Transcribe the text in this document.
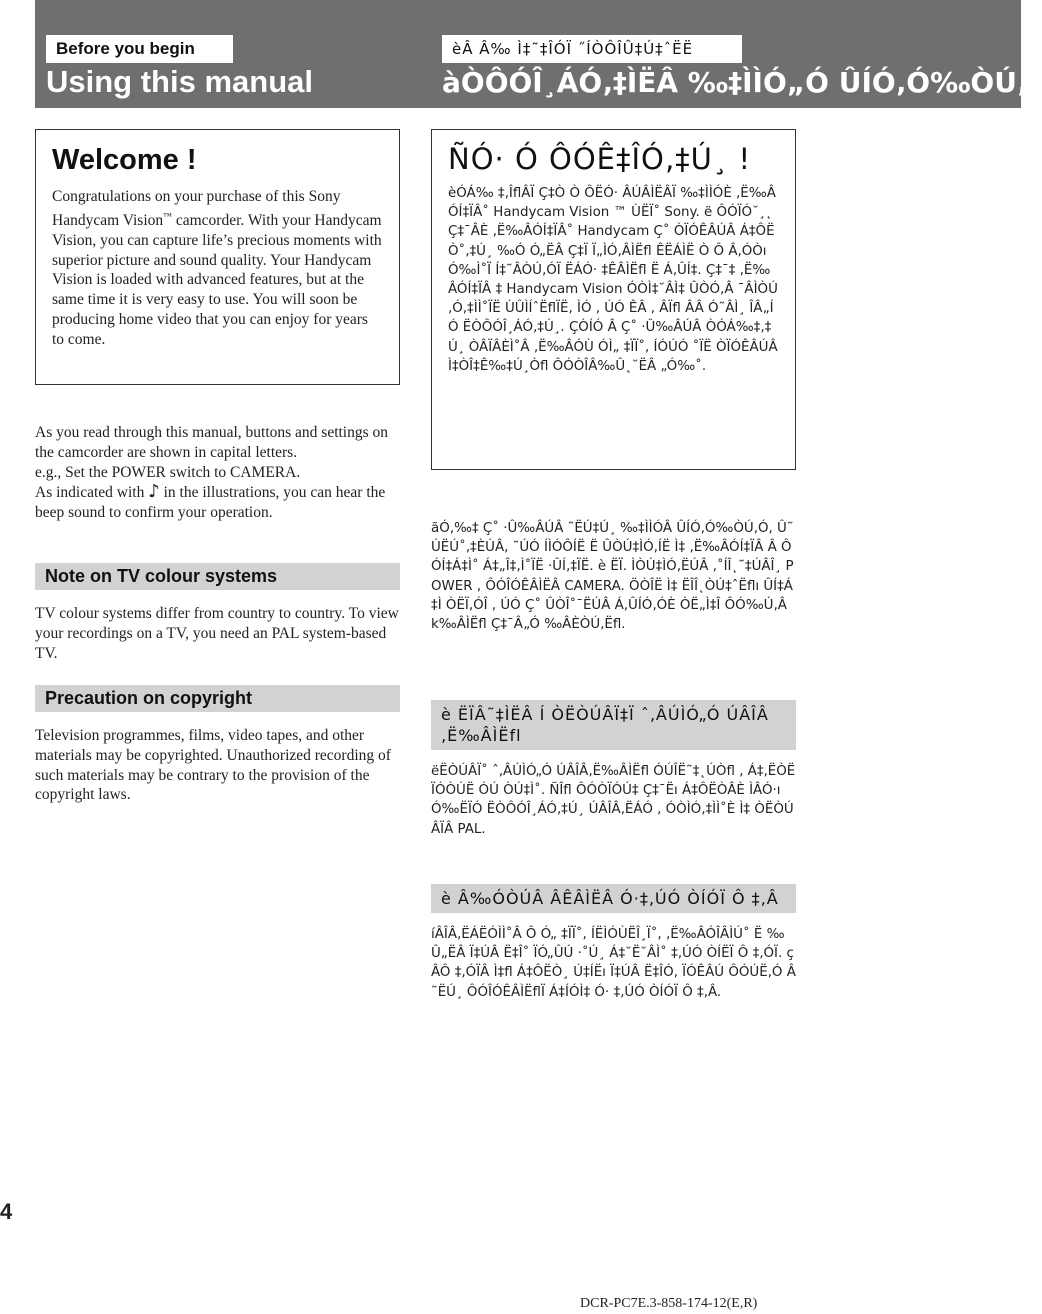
Before you begin	èÂ Â‰ Ì‡˜‡ÎÓÏ ˝ÍÒÔÎÛ‡Ú‡ˆËË
Using this manual	àÒÔÓÎ¸ÁÓ‚‡ÌËÂ ‰‡ÌÌÓ„Ó ÛÍÓ‚Ó‰ÒÚ‚‡
Welcome !

Congratulations on your purchase of this Sony Handycam Vision™ camcorder. With your Handycam Vision, you can capture life’s precious moments with superior picture and sound quality. Your Handycam Vision is loaded with advanced features, but at the same time it is very easy to use. You will soon be producing home video that you can enjoy for years to come.

ÑÓ· Ó ÔÓÊ‡ÎÓ‚‡Ú¸ !

èÓÁ‰ ‡‚ÎflÂÏ Ç‡Ò Ò ÔËÓ· ÂÚÂÌËÂÏ ‰‡ÌÌÓÈ ‚Ë‰ÂÓÍ‡ÏÂ˚ Handycam Vision ™ ÙËÏ˚ Sony. ë ÔÓÏÓ˘¸˛ Ç‡¯ÂÈ ‚Ë‰ÂÓÍ‡ÏÂ˚ Handycam Ç˚ ÒÏÓÊÂÚÂ Á‡ÔËÒ˚‚‡Ú¸ ‰Ó Ó„ËÂ Ç‡Ï Ï„ÌÓ‚ÂÌËfl ÊËÁÌË Ò Ô Â‚ÓÒıÓ‰Ì˚Ï Í‡˜ÂÒÚ‚ÓÏ ËÁÓ· ‡ÊÂÌËfl Ë Á‚ÛÍ‡. Ç‡¯‡ ‚Ë‰ÂÓÍ‡ÏÂ ‡ Handycam Vision ÓÒÌ‡˘ÂÌ‡ ÛÒÓ‚Â ¯ÂÌÒÚ‚Ó‚‡ÌÌ˚ÏË ÙÛÌÍˆËflÏË, ÌÓ , ÚÓ ÊÂ , ÂÏfl ÂÂ Ó˜ÂÌ¸ ÎÂ„ÍÓ ËÒÔÓÎ¸ÁÓ‚‡Ú¸. ÇÒÍÓ Â Ç˚ ·Û‰ÂÚÂ ÒÓÁ‰‡‚‡Ú¸ ÒÂÏÂÈÌ˚Â ‚Ë‰ÂÓÙ ÓÌ„ ‡ÏÏ˚, ÍÓÚÓ ˚ÏË ÒÏÓÊÂÚÂ Ì‡ÒÎ‡Ê‰‡Ú¸Òfl ÔÓÒÎÂ‰Û˛˘ËÂ „Ó‰˚.

As you read through this manual, buttons and settings on the camcorder are shown in capital letters.

e.g., Set the POWER switch to CAMERA.

As indicated with ♪ in the illustrations, you can hear the beep sound to confirm your operation.

Note on TV colour systems

TV colour systems differ from country to country. To view your recordings on a TV, you need an PAL system-based TV.

Precaution on copyright

Television programmes, films, video tapes, and other materials may be copyrighted. Unauthorized recording of such materials may be contrary to the provision of the copyright laws.

ãÓ‚‰‡ Ç˚ ·Û‰ÂÚÂ ˜ËÚ‡Ú¸ ‰‡ÌÌÓÂ ÛÍÓ‚Ó‰ÒÚ‚Ó, Û˜ÚËÚ˚‚‡ÈÚÂ, ˜ÚÓ ÍÌÓÔÍË Ë ÛÒÚ‡ÌÓ‚ÍË Ì‡ ‚Ë‰ÂÓÍ‡ÏÂ Â ÔÓÍ‡Á‡Ì˚ Á‡„Î‡‚Ì˚ÏË ·ÛÍ‚‡ÏË. è ËÏ. ÌÒÚ‡ÌÓ‚ËÚÂ ‚˚ÍÎ˛˜‡ÚÂÎ¸ POWER ‚ ÔÓÎÓÊÂÌËÂ CAMERA. ÖÒÎË Ì‡ ËÎÎ˛ÒÚ‡ˆËflı ÛÍ‡Á‡Ì ÒËÏ‚ÓÎ , ÚÓ Ç˚ ÛÒÎ˚¯ËÚÂ Á‚ÛÍÓ‚ÓÈ ÒË„Ì‡Î ÔÓ‰Ú‚Âk‰ÂÌËfl Ç‡¯Â„Ó ‰ÂÈÒÚ‚Ëfl.

è ËÏÂ˜‡ÌËÂ Í ÒËÒÚÂÏ‡Ï ˆ‚ÂÚÌÓ„Ó ÚÂÎÂ‚Ë‰ÂÌËfl

ëËÒÚÂÏ˚ ˆ‚ÂÚÌÓ„Ó ÚÂÎÂ‚Ë‰ÂÌËfl ÓÚÎË˜‡˛ÚÒfl ‚ Á‡‚ËÒËÏÓÒÚË ÓÚ ÒÚ‡Ì˚. ÑÎfl ÔÓÒÏÓÚ‡ Ç‡¯Ëı Á‡ÔËÒÂÈ ÌÂÓ·ıÓ‰ËÏÓ ËÒÔÓÎ¸ÁÓ‚‡Ú¸ ÚÂÎÂ‚ËÁÓ , ÓÒÌÓ‚‡ÌÌ˚È Ì‡ ÒËÒÚÂÏÂ PAL.

è Â‰ÓÒÚÂ ÂÊÂÌËÂ Ó·‡‚ÚÓ ÒÍÓÏ Ô ‡‚Â

íÂÎÂ‚ËÁËÓÌÌ˚Â Ô Ó„ ‡ÏÏ˚, ÍËÌÓÙËÎ¸Ï˚, ‚Ë‰ÂÓÎÂÌÚ˚ Ë ‰ Û„ËÂ Ï‡ÚÂ Ë‡Î˚ ÏÓ„ÛÚ ·˚Ú¸ Á‡˘Ë˘ÂÌ˚ ‡‚ÚÓ ÒÍËÏ Ô ‡‚ÓÏ. çÂÔ ‡‚ÓÏÂ Ì‡fl Á‡ÔËÒ¸ Ú‡ÍËı Ï‡ÚÂ Ë‡ÎÓ‚ ÏÓÊÂÚ ÔÓÚË‚Ó Â˜ËÚ¸ ÔÓÎÓÊÂÌËflÏ Á‡ÍÓÌ‡ Ó· ‡‚ÚÓ ÒÍÓÏ Ô ‡‚Â.

4
DCR-PC7E.3-858-174-12(E,R)
